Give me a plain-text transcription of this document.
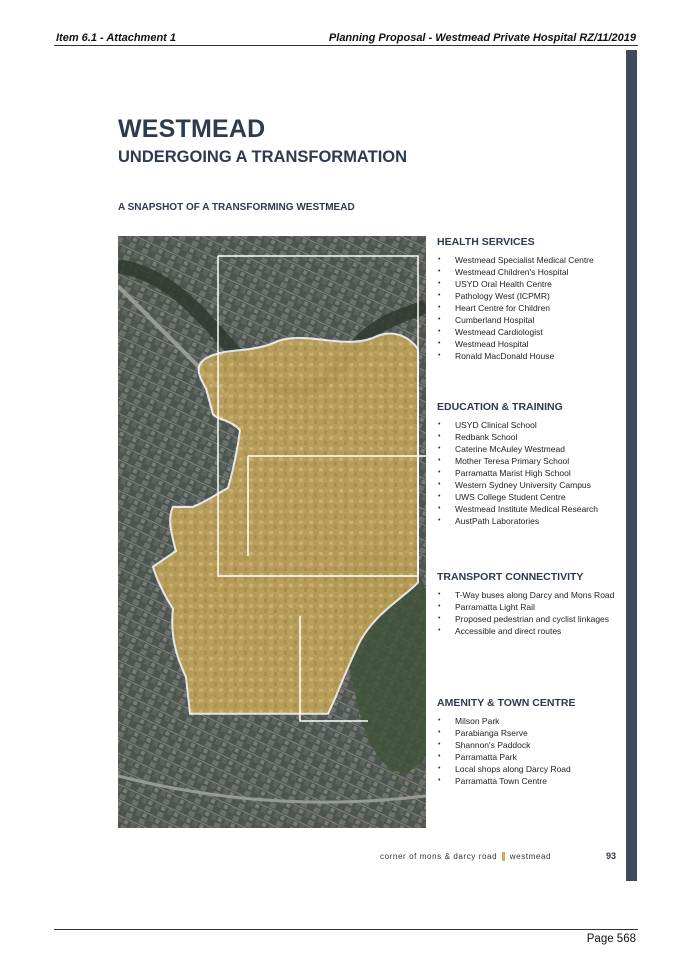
Item 6.1 - Attachment 1	Planning Proposal - Westmead Private Hospital RZ/11/2019
WESTMEAD
UNDERGOING A TRANSFORMATION
A SNAPSHOT OF A TRANSFORMING WESTMEAD
HEALTH SERVICES
• Westmead Specialist Medical Centre
• Westmead Children's Hospital
• USYD Oral Health Centre
• Pathology West (ICPMR)
• Heart Centre for Children
• Cumberland Hospital
• Westmead Cardiologist
• Westmead Hospital
• Ronald MacDonald House
EDUCATION & TRAINING
• USYD Clinical School
• Redbank School
• Caterine McAuley Westmead
• Mother Teresa Primary School
• Parramatta Marist High School
• Western Sydney University Campus
• UWS College Student Centre
• Westmead Institute Medical Research
• AustPath Laboratories
TRANSPORT CONNECTIVITY
• T-Way buses along Darcy and Mons Road
• Parramatta Light Rail
• Proposed pedestrian and cyclist linkages
• Accessible and direct routes
AMENITY & TOWN CENTRE
• Milson Park
• Parabianga Rserve
• Shannon's Paddock
• Parramatta Park
• Local shops along Darcy Road
• Parramatta Town Centre
corner of mons & darcy road westmead	93
Page 568
